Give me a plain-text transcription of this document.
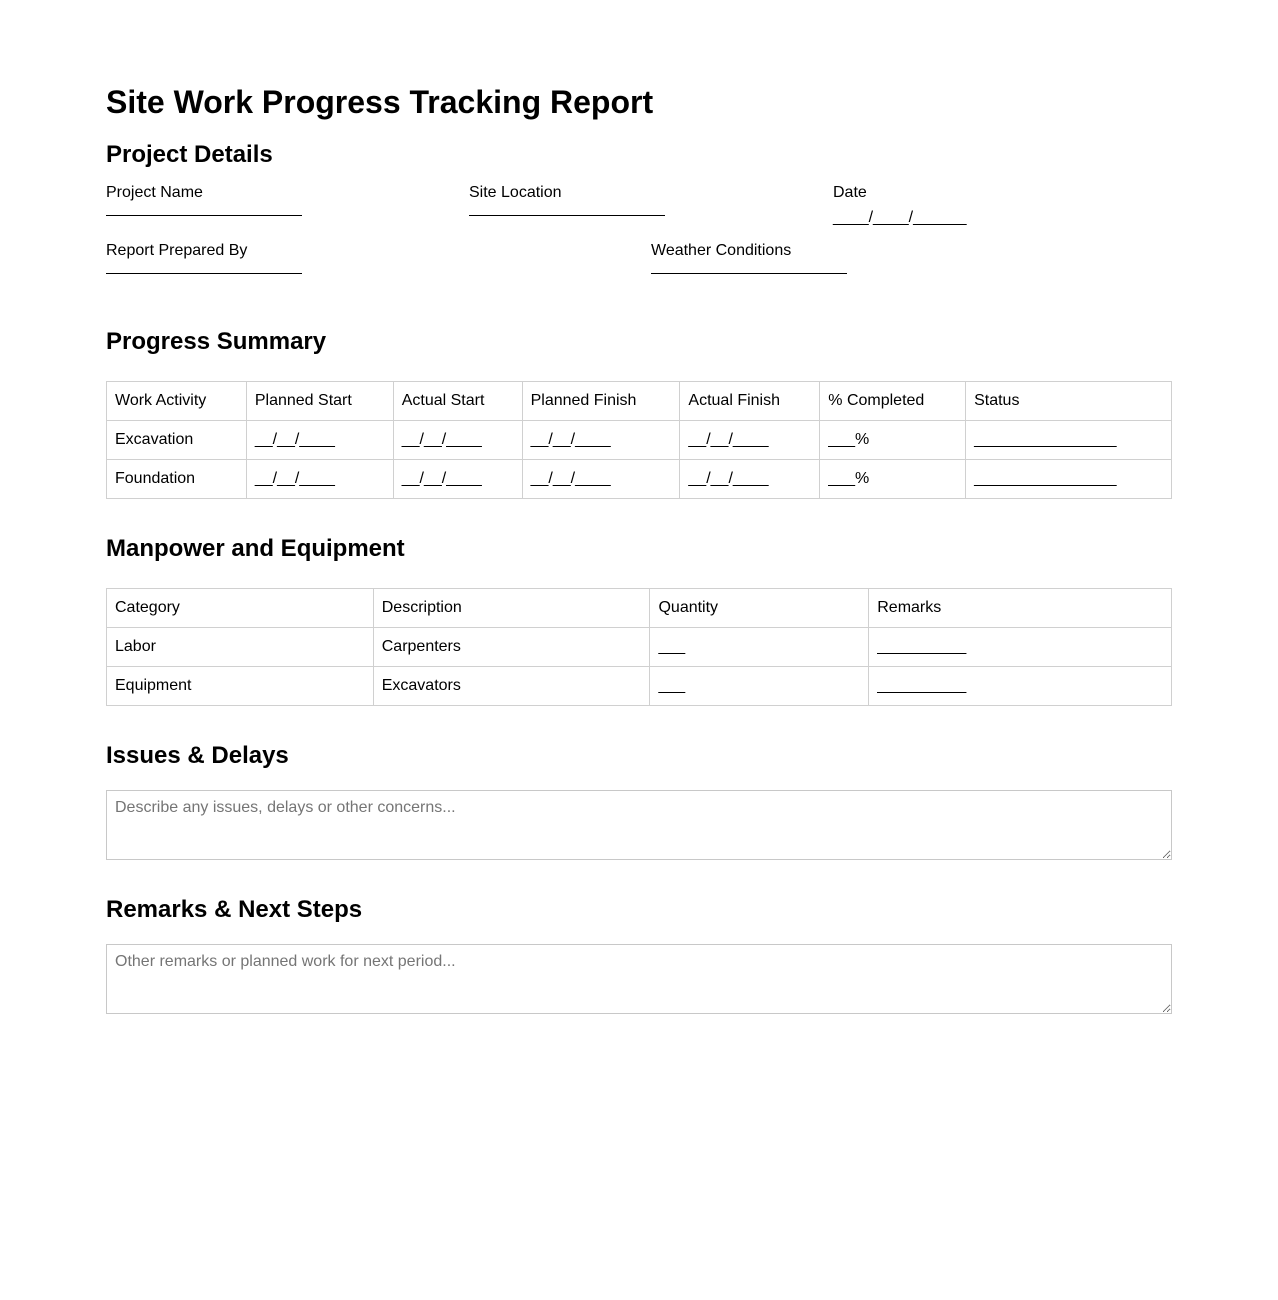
Site Work Progress Tracking Report
Project Details
Project Name	Site Location	Date
____/____/______
Report Prepared By	Weather Conditions
Progress Summary
Work Activity	Planned Start	Actual Start	Planned Finish	Actual Finish	% Completed	Status
Excavation	__/__/____	__/__/____	__/__/____	__/__/____	___%	________________
Foundation	__/__/____	__/__/____	__/__/____	__/__/____	___%	________________
Manpower and Equipment
Category	Description	Quantity	Remarks
Labor	Carpenters	___	__________
Equipment	Excavators	___	__________
Issues & Delays
Describe any issues, delays or other concerns...
Remarks & Next Steps
Other remarks or planned work for next period...
